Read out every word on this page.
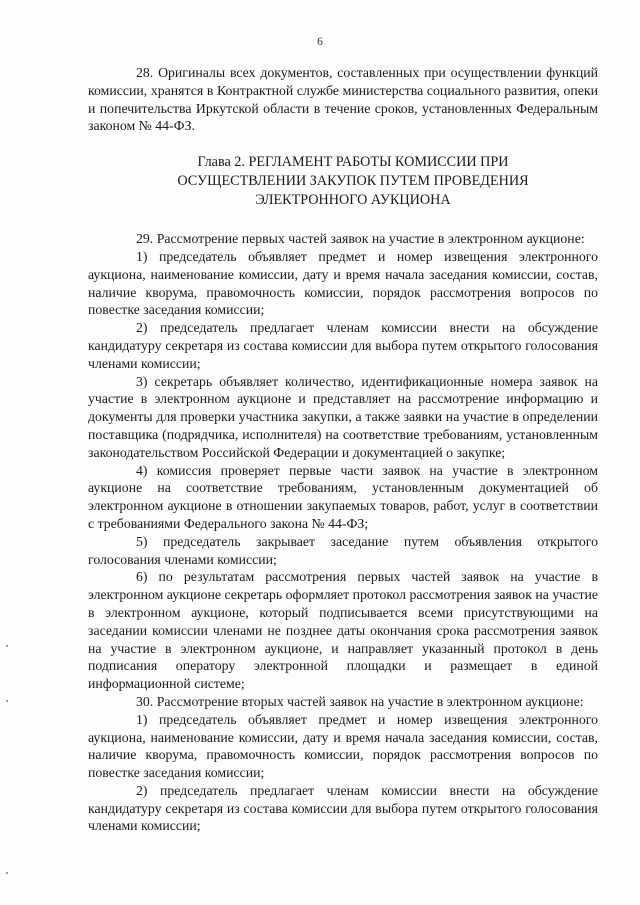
6

28. Оригиналы всех документов, составленных при осуществлении функций комиссии, хранятся в Контрактной службе министерства социального развития, опеки и попечительства Иркутской области в течение сроков, установленных Федеральным законом № 44-ФЗ.

Глава 2. РЕГЛАМЕНТ РАБОТЫ КОМИССИИ ПРИ
ОСУЩЕСТВЛЕНИИ ЗАКУПОК ПУТЕМ ПРОВЕДЕНИЯ
ЭЛЕКТРОННОГО АУКЦИОНА

29. Рассмотрение первых частей заявок на участие в электронном аукционе:

1) председатель объявляет предмет и номер извещения электронного аукциона, наименование комиссии, дату и время начала заседания комиссии, состав, наличие кворума, правомочность комиссии, порядок рассмотрения вопросов по повестке заседания комиссии;

2) председатель предлагает членам комиссии внести на обсуждение кандидатуру секретаря из состава комиссии для выбора путем открытого голосования членами комиссии;

3) секретарь объявляет количество, идентификационные номера заявок на участие в электронном аукционе и представляет на рассмотрение информацию и документы для проверки участника закупки, а также заявки на участие в определении поставщика (подрядчика, исполнителя) на соответствие требованиям, установленным законодательством Российской Федерации и документацией о закупке;

4) комиссия проверяет первые части заявок на участие в электронном аукционе на соответствие требованиям, установленным документацией об электронном аукционе в отношении закупаемых товаров, работ, услуг в соответствии с требованиями Федерального закона № 44-ФЗ;

5) председатель закрывает заседание путем объявления открытого голосования членами комиссии;

6) по результатам рассмотрения первых частей заявок на участие в электронном аукционе секретарь оформляет протокол рассмотрения заявок на участие в электронном аукционе, который подписывается всеми присутствующими на заседании комиссии членами не позднее даты окончания срока рассмотрения заявок на участие в электронном аукционе, и направляет указанный протокол в день подписания оператору электронной площадки и размещает в единой информационной системе;

30. Рассмотрение вторых частей заявок на участие в электронном аукционе:

1) председатель объявляет предмет и номер извещения электронного аукциона, наименование комиссии, дату и время начала заседания комиссии, состав, наличие кворума, правомочность комиссии, порядок рассмотрения вопросов по повестке заседания комиссии;

2) председатель предлагает членам комиссии внести на обсуждение кандидатуру секретаря из состава комиссии для выбора путем открытого голосования членами комиссии;
